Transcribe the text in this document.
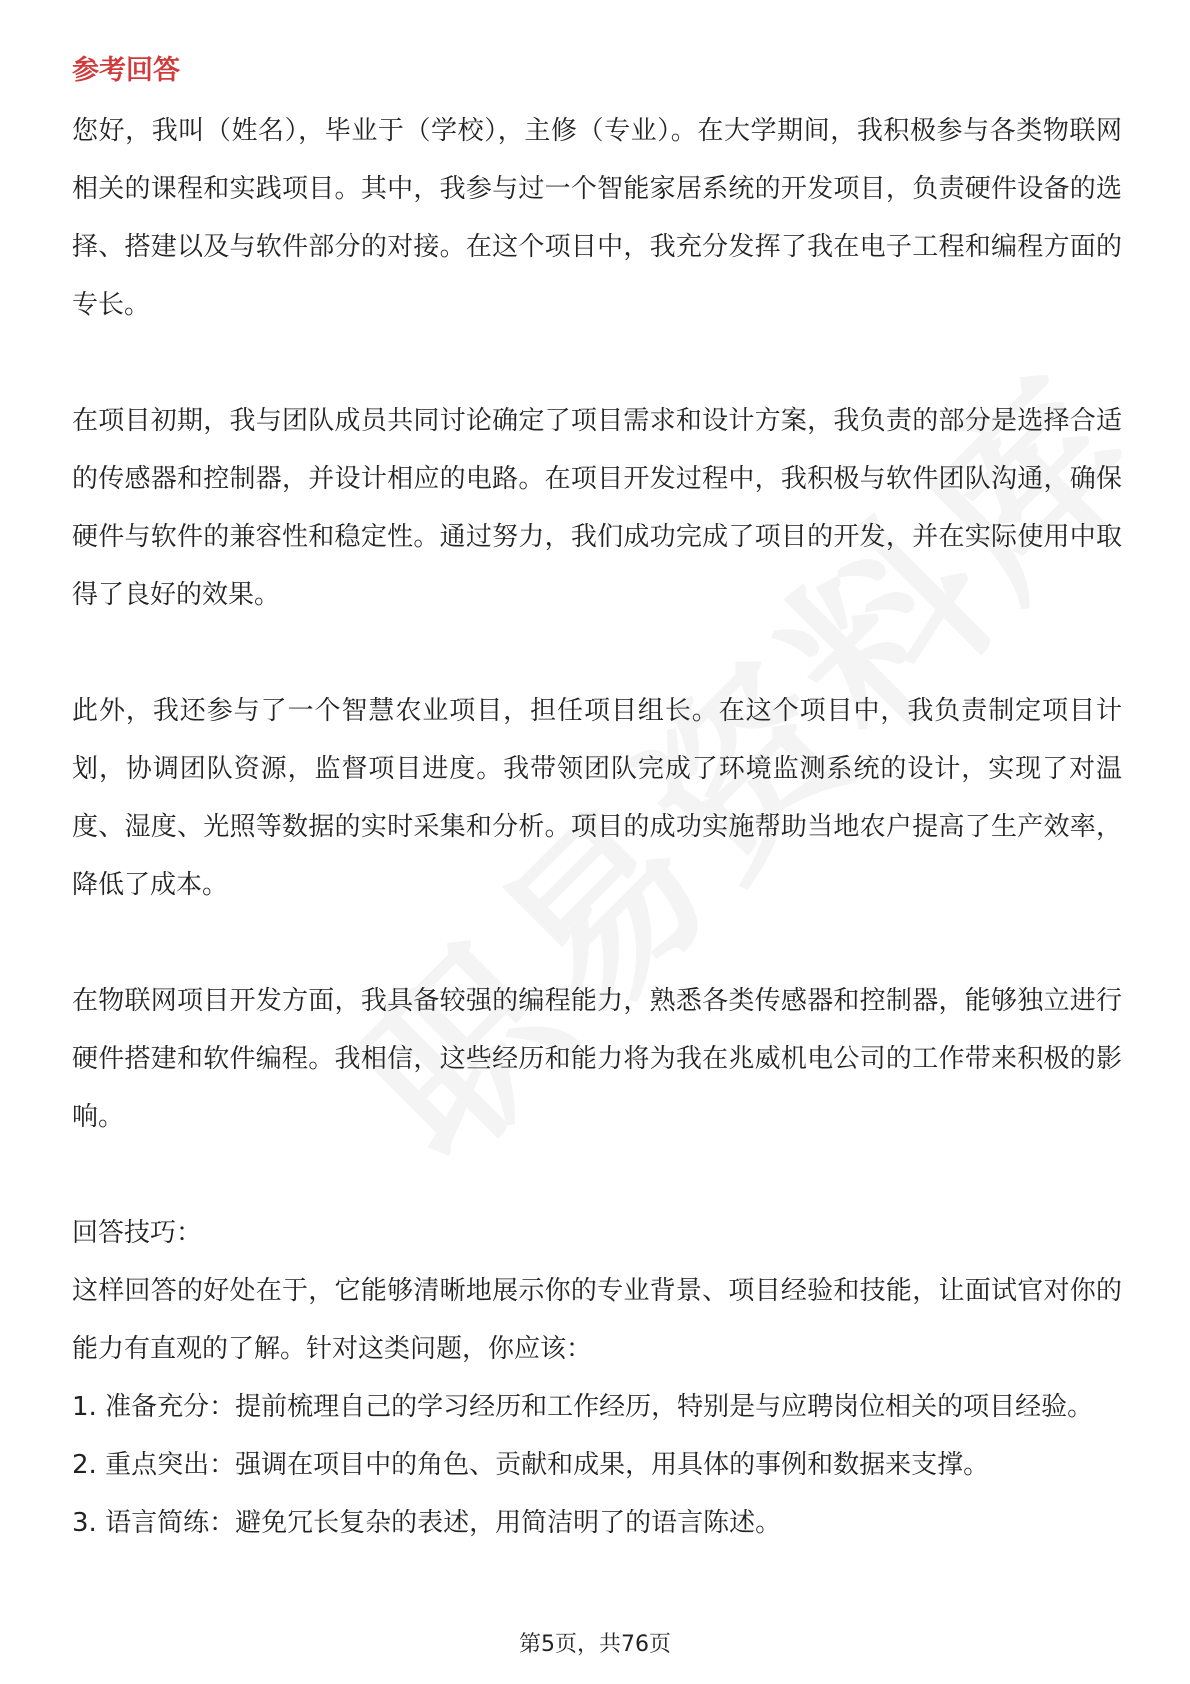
参考回答

您好，我叫（姓名），毕业于（学校），主修（专业）。在大学期间，我积极参与各类物联网相关的课程和实践项目。其中，我参与过一个智能家居系统的开发项目，负责硬件设备的选择、搭建以及与软件部分的对接。在这个项目中，我充分发挥了我在电子工程和编程方面的专长。

在项目初期，我与团队成员共同讨论确定了项目需求和设计方案，我负责的部分是选择合适的传感器和控制器，并设计相应的电路。在项目开发过程中，我积极与软件团队沟通，确保硬件与软件的兼容性和稳定性。通过努力，我们成功完成了项目的开发，并在实际使用中取得了良好的效果。

此外，我还参与了一个智慧农业项目，担任项目组长。在这个项目中，我负责制定项目计划，协调团队资源，监督项目进度。我带领团队完成了环境监测系统的设计，实现了对温度、湿度、光照等数据的实时采集和分析。项目的成功实施帮助当地农户提高了生产效率，降低了成本。

在物联网项目开发方面，我具备较强的编程能力，熟悉各类传感器和控制器，能够独立进行硬件搭建和软件编程。我相信，这些经历和能力将为我在兆威机电公司的工作带来积极的影响。

回答技巧：

这样回答的好处在于，它能够清晰地展示你的专业背景、项目经验和技能，让面试官对你的能力有直观的了解。针对这类问题，你应该：

1. 准备充分：提前梳理自己的学习经历和工作经历，特别是与应聘岗位相关的项目经验。
2. 重点突出：强调在项目中的角色、贡献和成果，用具体的事例和数据来支撑。
3. 语言简练：避免冗长复杂的表述，用简洁明了的语言陈述。
第5页，共76页
